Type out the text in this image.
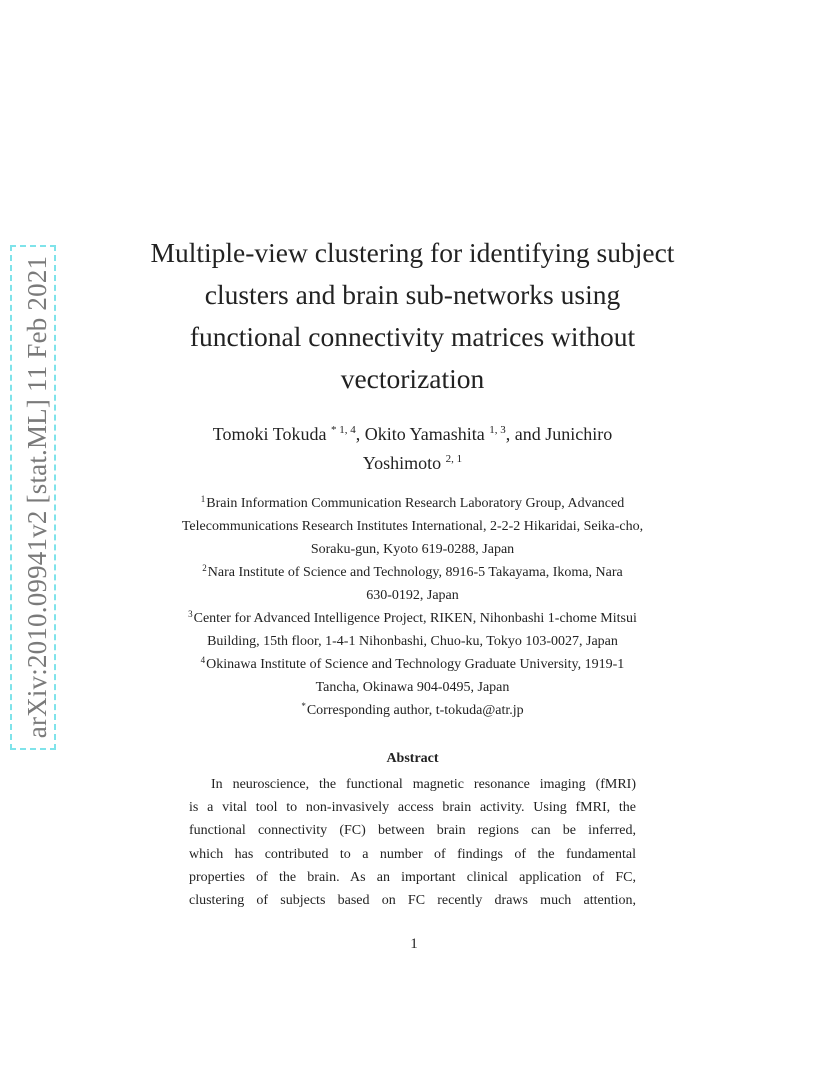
arXiv:2010.09941v2 [stat.ML] 11 Feb 2021
Multiple-view clustering for identifying subject
clusters and brain sub-networks using
functional connectivity matrices without
vectorization
Tomoki Tokuda $^{* 1, 4}$, Okito Yamashita $^{1, 3}$, and Junichiro
Yoshimoto $^{2, 1}$

$^1$Brain Information Communication Research Laboratory Group, Advanced

Telecommunications Research Institutes International, 2-2-2 Hikaridai, Seika-cho,

Soraku-gun, Kyoto 619-0288, Japan

$^2$Nara Institute of Science and Technology, 8916-5 Takayama, Ikoma, Nara

630-0192, Japan

$^3$Center for Advanced Intelligence Project, RIKEN, Nihonbashi 1-chome Mitsui

Building, 15th floor, 1-4-1 Nihonbashi, Chuo-ku, Tokyo 103-0027, Japan

$^4$Okinawa Institute of Science and Technology Graduate University, 1919-1

Tancha, Okinawa 904-0495, Japan

*Corresponding author, t-tokuda@atr.jp

Abstract
In neuroscience, the functional magnetic resonance imaging (fMRI)
is a vital tool to non-invasively access brain activity. Using fMRI, the
functional connectivity (FC) between brain regions can be inferred,
which has contributed to a number of findings of the fundamental
properties of the brain. As an important clinical application of FC,
clustering of subjects based on FC recently draws much attention,
1
